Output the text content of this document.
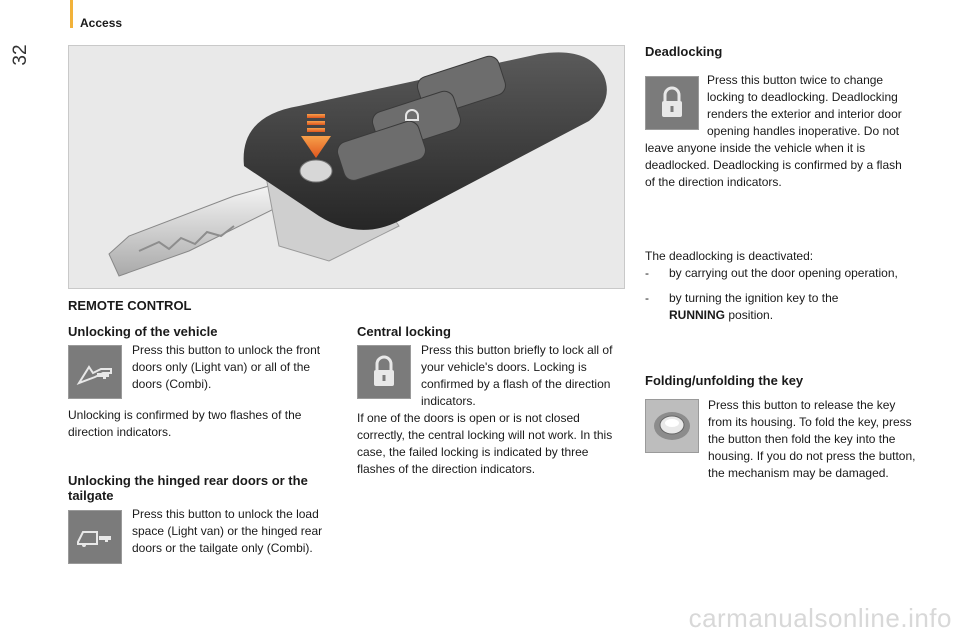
32
Access
REMOTE CONTROL
Unlocking of the vehicle
Press this button to unlock the front doors only (Light van) or all of the doors (Combi).
Unlocking is confirmed by two flashes of the direction indicators.
Unlocking the hinged rear doors or the tailgate
Press this button to unlock the load space (Light van) or the hinged rear doors or the tailgate only (Combi).
Central locking
Press this button briefly to lock all of your vehicle's doors. Locking is confirmed by a flash of the direction indicators.
If one of the doors is open or is not closed correctly, the central locking will not work. In this case, the failed locking is indicated by three flashes of the direction indicators.
Deadlocking
Press this button twice to change locking to deadlocking. Deadlocking renders the exterior and interior door opening handles inoperative. Do not leave anyone inside the vehicle when it is deadlocked. Deadlocking is confirmed by a flash of the direction indicators.
The deadlocking is deactivated:
-	by carrying out the door opening operation,
-	by turning the ignition key to the
RUNNING position.
Folding/unfolding the key
Press this button to release the key from its housing. To fold the key, press the button then fold the key into the housing. If you do not press the button, the mechanism may be damaged.
carmanualsonline.info
